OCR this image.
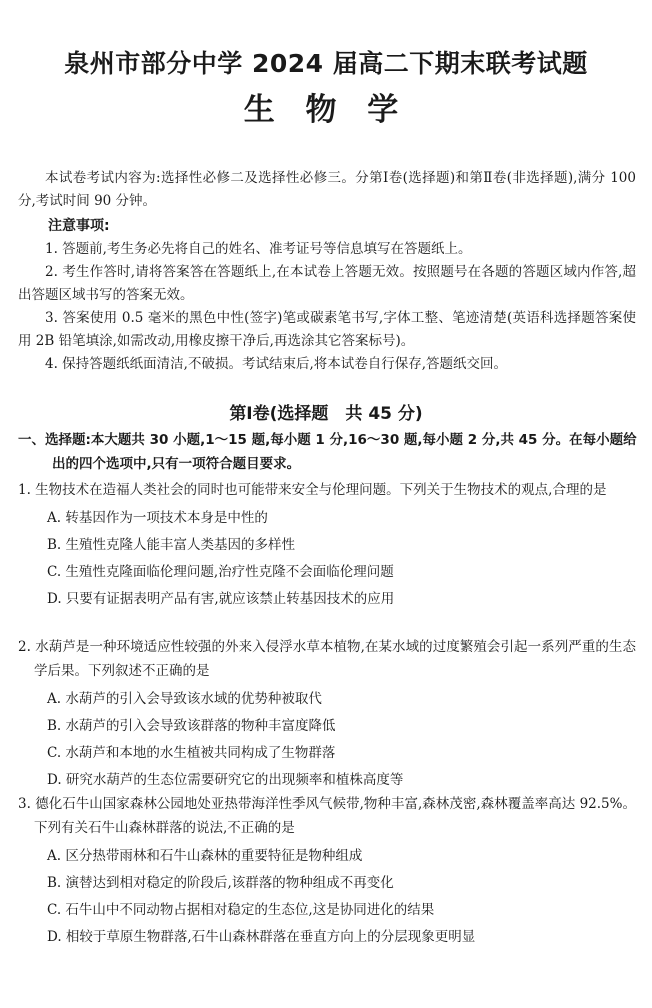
泉州市部分中学 2024 届高二下期末联考试题
生 物 学
本试卷考试内容为:选择性必修二及选择性必修三。分第Ⅰ卷(选择题)和第Ⅱ卷(非选择题),满分 100 分,考试时间 90 分钟。
注意事项:
1. 答题前,考生务必先将自己的姓名、准考证号等信息填写在答题纸上。
2. 考生作答时,请将答案答在答题纸上,在本试卷上答题无效。按照题号在各题的答题区域内作答,超出答题区域书写的答案无效。
3. 答案使用 0.5 毫米的黑色中性(签字)笔或碳素笔书写,字体工整、笔迹清楚(英语科选择题答案使用 2B 铅笔填涂,如需改动,用橡皮擦干净后,再选涂其它答案标号)。
4. 保持答题纸纸面清洁,不破损。考试结束后,将本试卷自行保存,答题纸交回。
第Ⅰ卷(选择题　共 45 分)
一、选择题:本大题共 30 小题,1～15 题,每小题 1 分,16～30 题,每小题 2 分,共 45 分。在每小题给出的四个选项中,只有一项符合题目要求。
1. 生物技术在造福人类社会的同时也可能带来安全与伦理问题。下列关于生物技术的观点,合理的是
A. 转基因作为一项技术本身是中性的
B. 生殖性克隆人能丰富人类基因的多样性
C. 生殖性克隆面临伦理问题,治疗性克隆不会面临伦理问题
D. 只要有证据表明产品有害,就应该禁止转基因技术的应用
2. 水葫芦是一种环境适应性较强的外来入侵浮水草本植物,在某水域的过度繁殖会引起一系列严重的生态学后果。下列叙述不正确的是
A. 水葫芦的引入会导致该水域的优势种被取代
B. 水葫芦的引入会导致该群落的物种丰富度降低
C. 水葫芦和本地的水生植被共同构成了生物群落
D. 研究水葫芦的生态位需要研究它的出现频率和植株高度等
3. 德化石牛山国家森林公园地处亚热带海洋性季风气候带,物种丰富,森林茂密,森林覆盖率高达 92.5%。下列有关石牛山森林群落的说法,不正确的是
A. 区分热带雨林和石牛山森林的重要特征是物种组成
B. 演替达到相对稳定的阶段后,该群落的物种组成不再变化
C. 石牛山中不同动物占据相对稳定的生态位,这是协同进化的结果
D. 相较于草原生物群落,石牛山森林群落在垂直方向上的分层现象更明显
